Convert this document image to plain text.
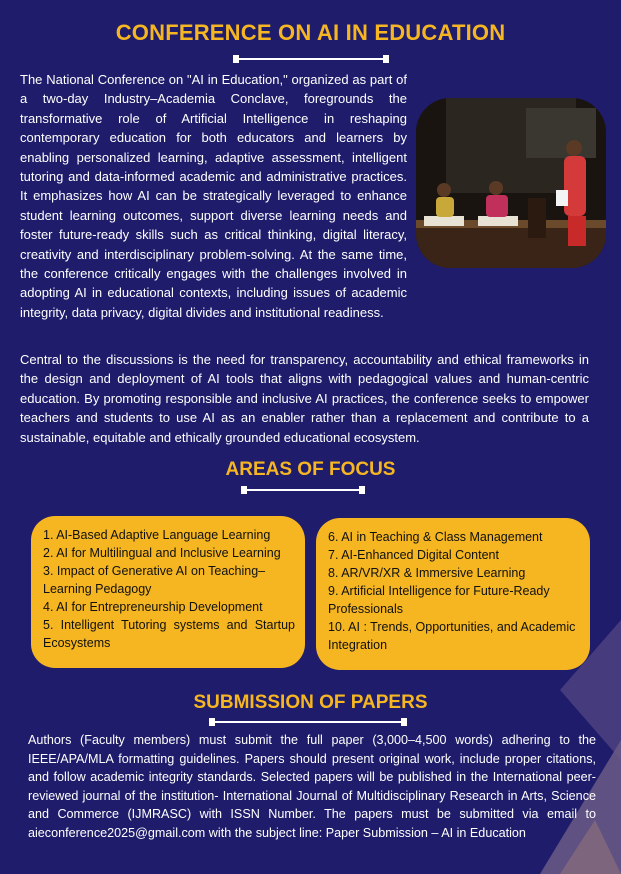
CONFERENCE ON AI IN EDUCATION

The National Conference on "AI in Education," organized as part of a two-day Industry–Academia Conclave, foregrounds the transformative role of Artificial Intelligence in reshaping contemporary education for both educators and learners by enabling personalized learning, adaptive assessment, intelligent tutoring and data-informed academic and administrative practices. It emphasizes how AI can be strategically leveraged to enhance student learning outcomes, support diverse learning needs and foster future-ready skills such as critical thinking, digital literacy, creativity and interdisciplinary problem-solving. At the same time, the conference critically engages with the challenges involved in adopting AI in educational contexts, including issues of academic integrity, data privacy, digital divides and institutional readiness.

Central to the discussions is the need for transparency, accountability and ethical frameworks in the design and deployment of AI tools that aligns with pedagogical values and human-centric education. By promoting responsible and inclusive AI practices, the conference seeks to empower teachers and students to use AI as an enabler rather than a replacement and contribute to a sustainable, equitable and ethically grounded educational ecosystem.

AREAS OF FOCUS
1. AI-Based Adaptive Language Learning
2. AI for Multilingual and Inclusive Learning
3. Impact of Generative AI on Teaching–Learning Pedagogy
4. AI for Entrepreneurship Development
5. Intelligent Tutoring systems and Startup Ecosystems
6. AI in Teaching & Class Management
7. AI-Enhanced Digital Content
8. AR/VR/XR & Immersive Learning
9. Artificial Intelligence for Future-Ready Professionals
10. AI : Trends, Opportunities, and Academic Integration
SUBMISSION OF PAPERS

Authors (Faculty members) must submit the full paper (3,000–4,500 words) adhering to the IEEE/APA/MLA formatting guidelines. Papers should present original work, include proper citations, and follow academic integrity standards. Selected papers will be published in the International peer-reviewed journal of the institution- International Journal of Multidisciplinary Research in Arts, Science and Commerce (IJMRASC) with ISSN Number. The papers must be submitted via email to aieconference2025@gmail.com with the subject line: Paper Submission – AI in Education
